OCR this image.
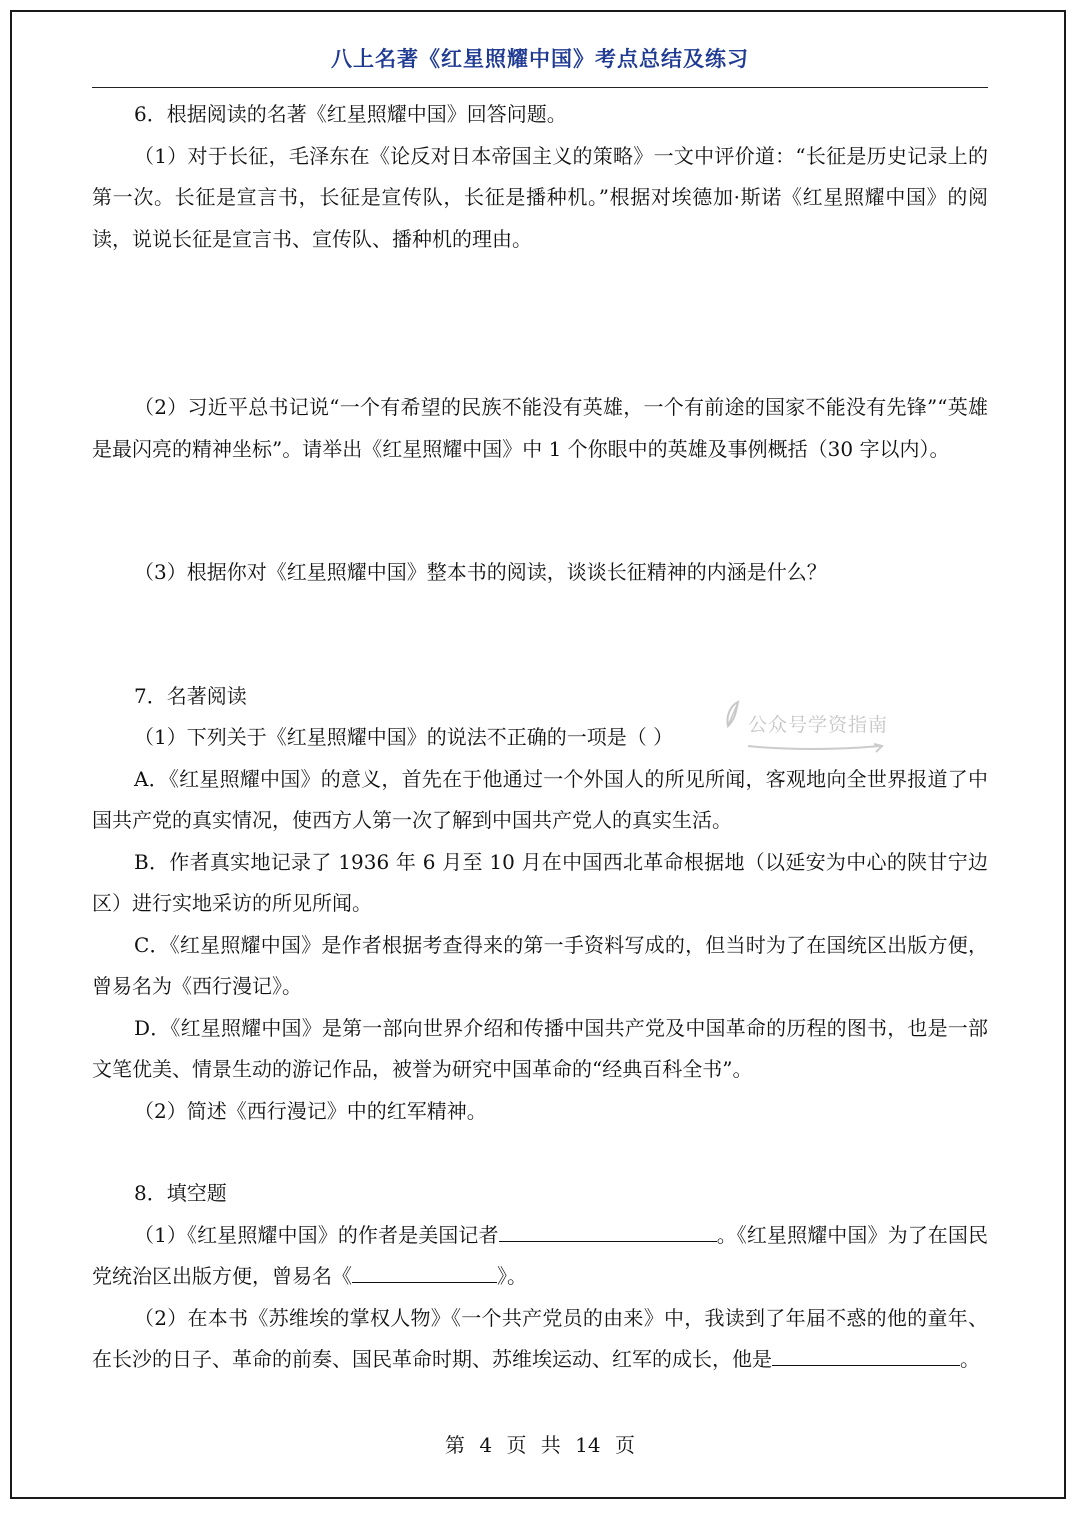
八上名著《红星照耀中国》考点总结及练习

6．根据阅读的名著《红星照耀中国》回答问题。

（1）对于长征，毛泽东在《论反对日本帝国主义的策略》一文中评价道：“长征是历史记录上的第一次。长征是宣言书，长征是宣传队，长征是播种机。”根据对埃德加·斯诺《红星照耀中国》的阅读，说说长征是宣言书、宣传队、播种机的理由。

（2）习近平总书记说“一个有希望的民族不能没有英雄，一个有前途的国家不能没有先锋”“英雄是最闪亮的精神坐标”。请举出《红星照耀中国》中 1 个你眼中的英雄及事例概括（30 字以内）。

（3）根据你对《红星照耀中国》整本书的阅读，谈谈长征精神的内涵是什么？

7．名著阅读

（1）下列关于《红星照耀中国》的说法不正确的一项是（ ）

A．《红星照耀中国》的意义，首先在于他通过一个外国人的所见所闻，客观地向全世界报道了中国共产党的真实情况，使西方人第一次了解到中国共产党人的真实生活。

B．作者真实地记录了 1936 年 6 月至 10 月在中国西北革命根据地（以延安为中心的陕甘宁边区）进行实地采访的所见所闻。

C．《红星照耀中国》是作者根据考查得来的第一手资料写成的，但当时为了在国统区出版方便，曾易名为《西行漫记》。

D．《红星照耀中国》是第一部向世界介绍和传播中国共产党及中国革命的历程的图书，也是一部文笔优美、情景生动的游记作品，被誉为研究中国革命的“经典百科全书”。

（2）简述《西行漫记》中的红军精神。

8．填空题

（1）《红星照耀中国》的作者是美国记者	。《红星照耀中国》为了在国民党统治区出版方便，曾易名《	》。

（2）在本书《苏维埃的掌权人物》《一个共产党员的由来》中，我读到了年届不惑的他的童年、在长沙的日子、革命的前奏、国民革命时期、苏维埃运动、红军的成长，他是	。

公众号学资指南
第 4 页 共 14 页
